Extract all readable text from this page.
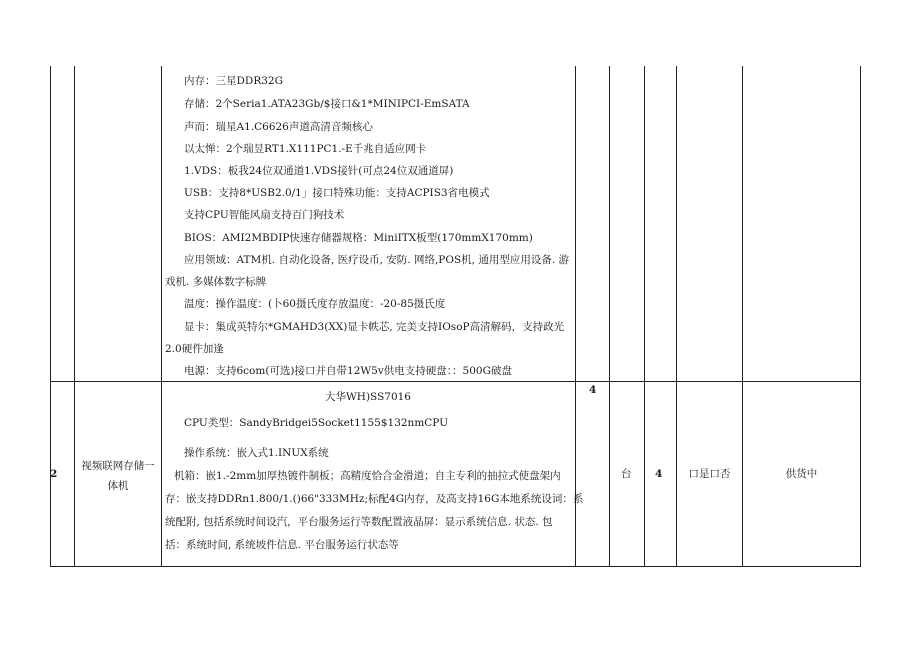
内存：三星DDR32G
存储：2个Seria1.ATA23Gb/$接口&1*MINIPCI-EmSATA
声而：瑞星A1.C6626声道高清音频核心
以太惮：2个瑞昱RT1.X111PC1.-E千兆自适应网卡
1.VDS：板我24位双通道1.VDS接针(可点24位双通道屏)
USB：支持8*USB2.0/1」接口特殊功能：支持ACPIS3省电模式
支持CPU智能风扇支持百门狗技术
BIOS：AMI2MBDIP快速存储器规格：MiniITX板型(170mmX170mm)
应用领域：ATM机. 自动化设备, 医疗设币, 安防. 网络,POS机, 通用型应用设备. 游
戏机. 多媒体数字标牌
温度：操作温度：(卜60摄氏度存放温度：-20-85摄氏度
显卡：集成英特尔*GMAHD3(XX)显卡帙芯, 完美支持IOsoP高清解码，支持政光
2.0硬件加逢
电源：支持6com(可选)接口并自带12W5v供电支持硬盘：：500G破盘
2
视频联网存储一
体机
大华WH)SS7016
CPU类型：SandyBridgei5Socket1155$132nmCPU
操作系统：嵌入式1.INUX系统
机箱：嵌1.-2mm加厚热镀件制板；高精度恰合金滑道；自主专利的抽拉式使盘架内
存：嵌支持DDRn1.800/1.()66"333MHz;标配4G内存，及高支持16G本地系统设词：系
统配附, 包括系统时间设汽，平台服务运行等数配置液晶屏：显示系统信息. 状态. 包
括：系统时间, 系统坡件信息. 平台服务运行状态等
4
台 4	口是口否	供货中
